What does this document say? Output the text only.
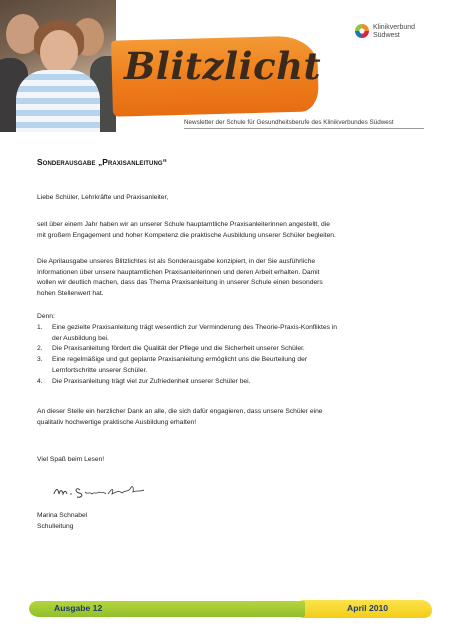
Blitzlicht
Klinikverbund
Südwest
Newsletter der Schule für Gesundheitsberufe des Klinikverbundes Südwest
Sonderausgabe „Praxisanleitung“
Liebe Schüler, Lehrkräfte und Praxisanleiter,
seit über einem Jahr haben wir an unserer Schule hauptamtliche Praxisanleiterinnen angestellt, die
mit großem Engagement und hoher Kompetenz die praktische Ausbildung unserer Schüler begleiten.
Die Aprilausgabe unseres Blitzlichtes ist als Sonderausgabe konzipiert, in der Sie ausführliche
Informationen über unsere hauptamtlichen Praxisanleiterinnen und deren Arbeit erhalten. Damit
wollen wir deutlich machen, dass das Thema Praxisanleitung in unserer Schule einen besonders
hohen Stellenwert hat.
Denn:
1. Eine gezielte Praxisanleitung trägt wesentlich zur Verminderung des Theorie-Praxis-Konfliktes in
der Ausbildung bei.
2. Die Praxisanleitung fördert die Qualität der Pflege und die Sicherheit unserer Schüler.
3. Eine regelmäßige und gut geplante Praxisanleitung ermöglicht uns die Beurteilung der
Lernfortschritte unserer Schüler.
4. Die Praxisanleitung trägt viel zur Zufriedenheit unserer Schüler bei.
An dieser Stelle ein herzlicher Dank an alle, die sich dafür engagieren, dass unsere Schüler eine
qualitativ hochwertige praktische Ausbildung erhalten!
Viel Spaß beim Lesen!
Marina Schnabel
Schulleitung
Ausgabe 12	April 2010
